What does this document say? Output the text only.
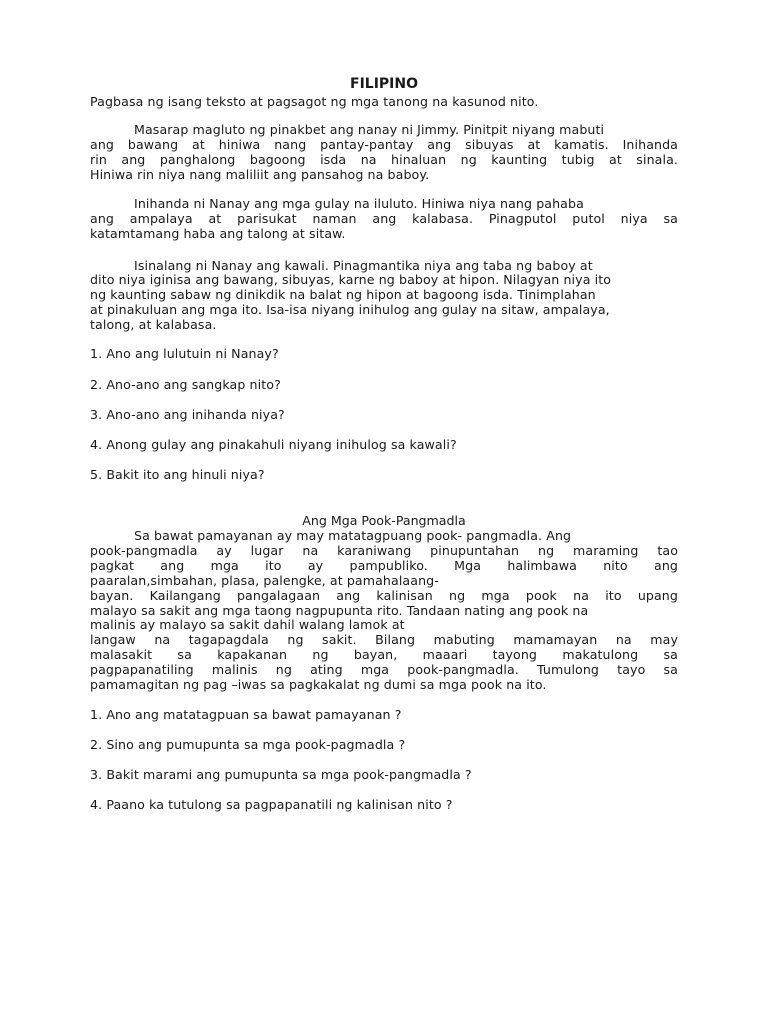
FILIPINO
Pagbasa ng isang teksto at pagsagot ng mga tanong na kasunod nito.
Masarap magluto ng pinakbet ang nanay ni Jimmy. Pinitpit niyang mabuti
ang bawang at hiniwa nang pantay-pantay ang sibuyas at kamatis. Inihanda
rin ang panghalong bagoong isda na hinaluan ng kaunting tubig at sinala.
Hiniwa rin niya nang maliliit ang pansahog na baboy.
Inihanda ni Nanay ang mga gulay na iluluto. Hiniwa niya nang pahaba
ang ampalaya at parisukat naman ang kalabasa. Pinagputol putol niya sa
katamtamang haba ang talong at sitaw.
Isinalang ni Nanay ang kawali. Pinagmantika niya ang taba ng baboy at
dito niya iginisa ang bawang, sibuyas, karne ng baboy at hipon. Nilagyan niya ito
ng kaunting sabaw ng dinikdik na balat ng hipon at bagoong isda. Tinimplahan
at pinakuluan ang mga ito. Isa-isa niyang inihulog ang gulay na sitaw, ampalaya,
talong, at kalabasa.
1. Ano ang lulutuin ni Nanay?
2. Ano-ano ang sangkap nito?
3. Ano-ano ang inihanda niya?
4. Anong gulay ang pinakahuli niyang inihulog sa kawali?
5. Bakit ito ang hinuli niya?
Ang Mga Pook-Pangmadla
Sa bawat pamayanan ay may matatagpuang pook- pangmadla. Ang
pook-pangmadla ay lugar na karaniwang pinupuntahan ng maraming tao
pagkat ang mga ito ay pampubliko. Mga halimbawa nito ang
paaralan,simbahan, plasa, palengke, at pamahalaang-
bayan. Kailangang pangalagaan ang kalinisan ng mga pook na ito upang
malayo sa sakit ang mga taong nagpupunta rito. Tandaan nating ang pook na
malinis ay malayo sa sakit dahil walang lamok at
langaw na tagapagdala ng sakit. Bilang mabuting mamamayan na may
malasakit sa kapakanan ng bayan, maaari tayong makatulong sa
pagpapanatiling malinis ng ating mga pook-pangmadla. Tumulong tayo sa
pamamagitan ng pag –iwas sa pagkakalat ng dumi sa mga pook na ito.
1. Ano ang matatagpuan sa bawat pamayanan ?
2. Sino ang pumupunta sa mga pook-pagmadla ?
3. Bakit marami ang pumupunta sa mga pook-pangmadla ?
4. Paano ka tutulong sa pagpapanatili ng kalinisan nito ?
